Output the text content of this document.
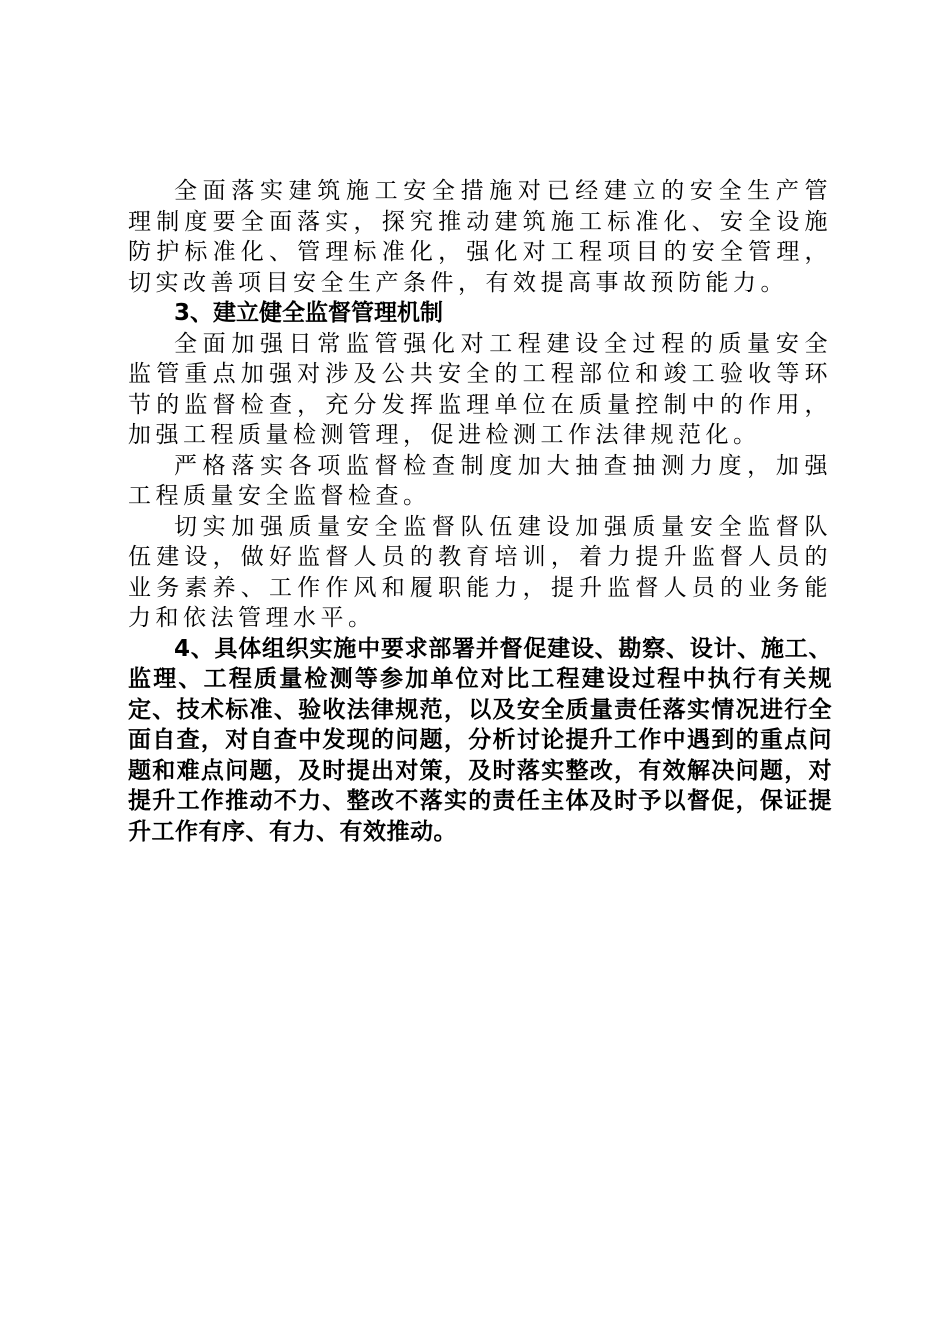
全面落实建筑施工安全措施对已经建立的安全生产管理制度要全面落实，探究推动建筑施工标准化、安全设施防护标准化、管理标准化，强化对工程项目的安全管理，切实改善项目安全生产条件，有效提高事故预防能力。

3、建立健全监督管理机制

全面加强日常监管强化对工程建设全过程的质量安全监管重点加强对涉及公共安全的工程部位和竣工验收等环节的监督检查，充分发挥监理单位在质量控制中的作用，加强工程质量检测管理，促进检测工作法律规范化。

严格落实各项监督检查制度加大抽查抽测力度，加强工程质量安全监督检查。

切实加强质量安全监督队伍建设加强质量安全监督队伍建设，做好监督人员的教育培训，着力提升监督人员的业务素养、工作作风和履职能力，提升监督人员的业务能力和依法管理水平。

4、具体组织实施中要求部署并督促建设、勘察、设计、施工、监理、工程质量检测等参加单位对比工程建设过程中执行有关规定、技术标准、验收法律规范，以及安全质量责任落实情况进行全面自查，对自查中发现的问题，分析讨论提升工作中遇到的重点问题和难点问题，及时提出对策，及时落实整改，有效解决问题，对提升工作推动不力、整改不落实的责任主体及时予以督促，保证提升工作有序、有力、有效推动。
